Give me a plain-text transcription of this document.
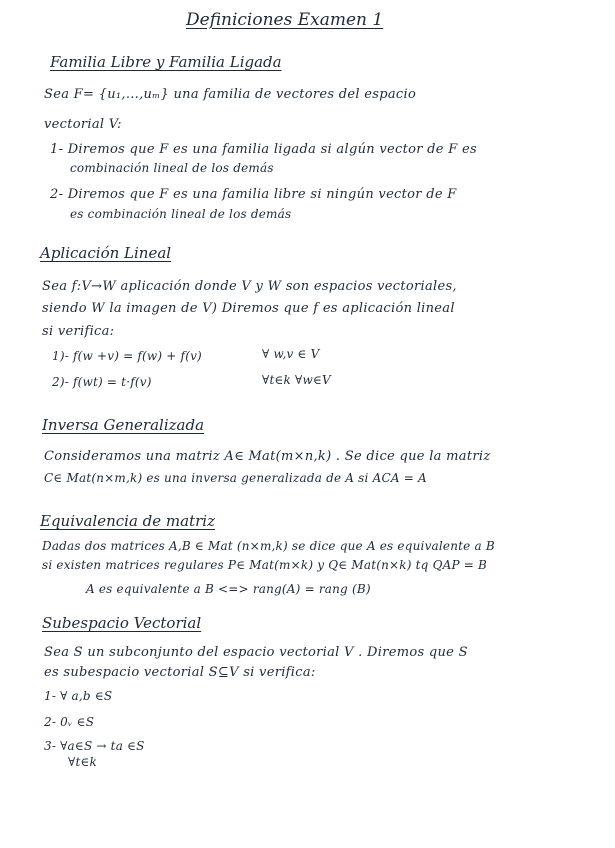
Definiciones Examen 1
Familia Libre y Familia Ligada
Sea F= {u₁,...,uₘ} una familia de vectores del espacio
vectorial V:
1- Diremos que F es una familia ligada si algún vector de F es
combinación lineal de los demás
2- Diremos que F es una familia libre si ningún vector de F
es combinación lineal de los demás
Aplicación Lineal
Sea f:V→W aplicación donde V y W son espacios vectoriales,
siendo W la imagen de V) Diremos que f es aplicación lineal
si verifica:
1)- f(w +v) = f(w) + f(v)	∀ w,v ∈ V
2)- f(wt) = t·f(v)	∀t∈k ∀w∈V
Inversa Generalizada
Consideramos una matriz A∈ Mat(m×n,k) . Se dice que la matriz
C∈ Mat(n×m,k) es una inversa generalizada de A si ACA = A
Equivalencia de matriz
Dadas dos matrices A,B ∈ Mat (n×m,k) se dice que A es equivalente a B
si existen matrices regulares P∈ Mat(m×k) y Q∈ Mat(n×k) tq QAP = B
A es equivalente a B <=> rang(A) = rang (B)
Subespacio Vectorial
Sea S un subconjunto del espacio vectorial V . Diremos que S
es subespacio vectorial S⊆V si verifica:
1- ∀ a,b ∈S
2- 0ᵥ ∈S
3- ∀a∈S → ta ∈S
∀t∈k
